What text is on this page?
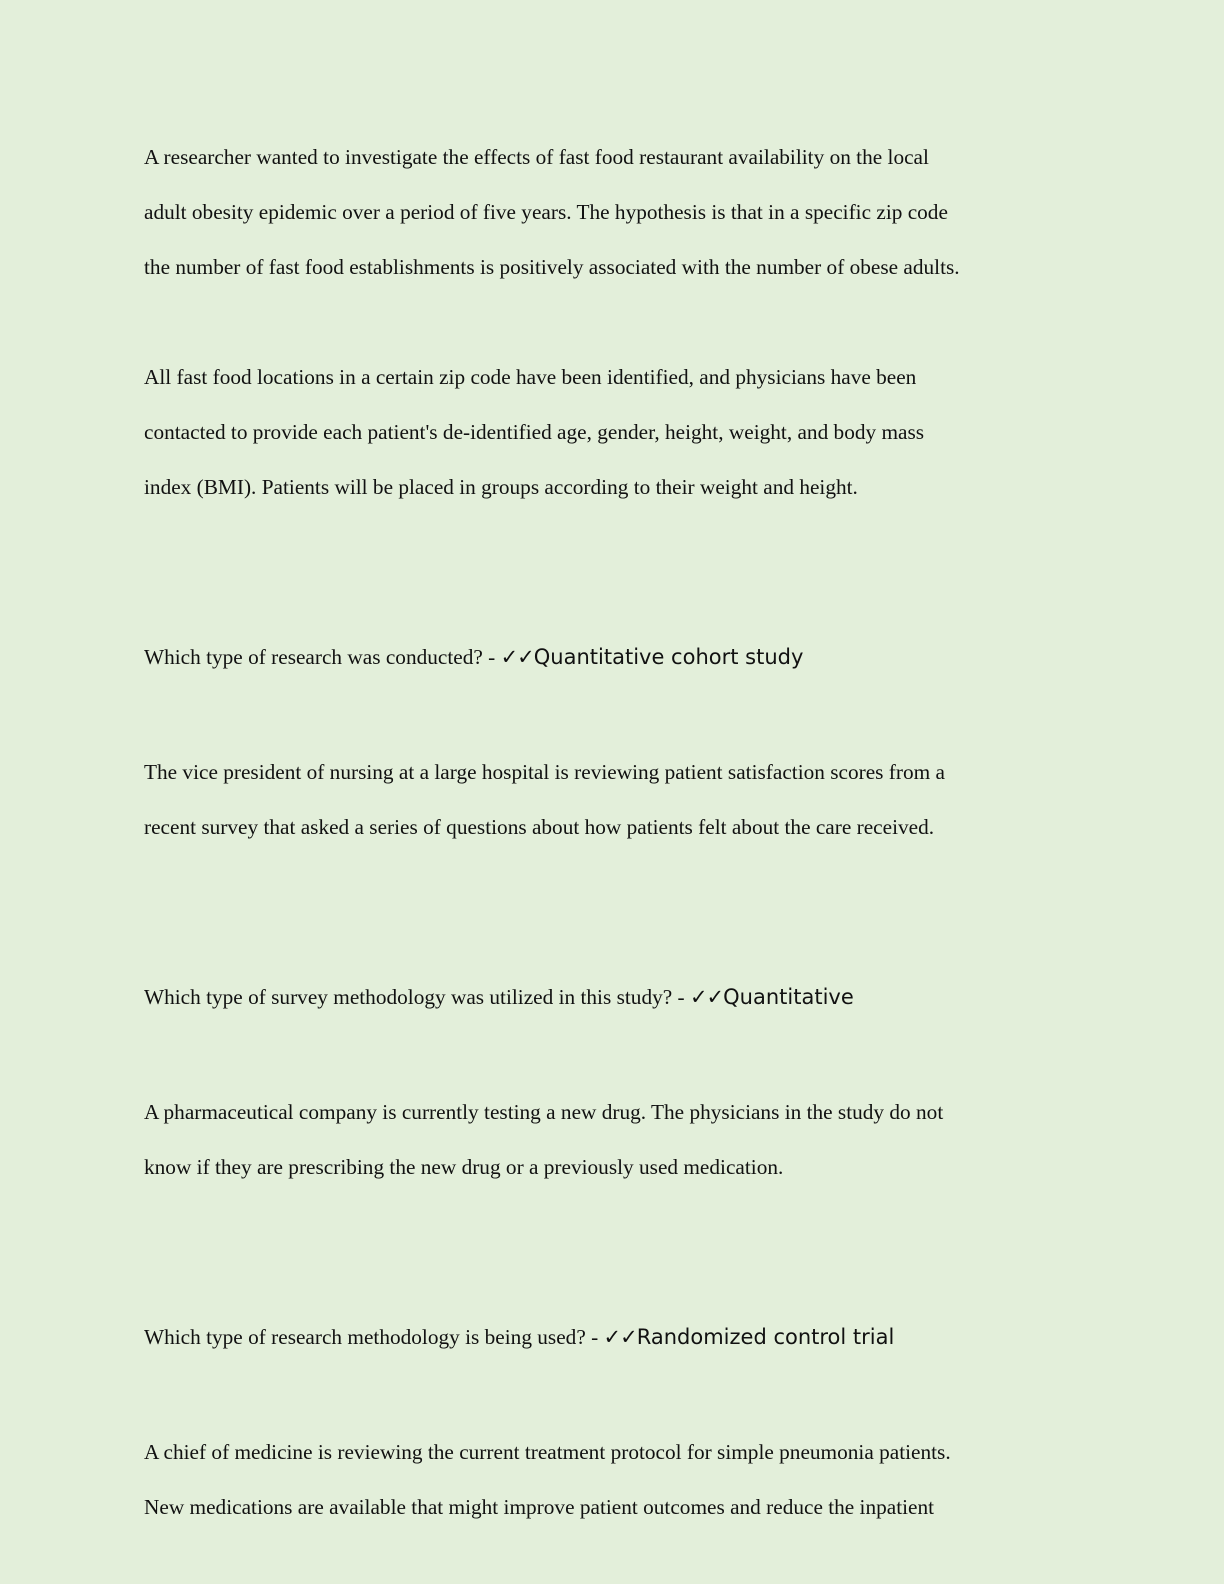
A researcher wanted to investigate the effects of fast food restaurant availability on the local
adult obesity epidemic over a period of five years. The hypothesis is that in a specific zip code
the number of fast food establishments is positively associated with the number of obese adults.

All fast food locations in a certain zip code have been identified, and physicians have been
contacted to provide each patient's de-identified age, gender, height, weight, and body mass
index (BMI). Patients will be placed in groups according to their weight and height.

Which type of research was conducted? - ✓✓Quantitative cohort study

The vice president of nursing at a large hospital is reviewing patient satisfaction scores from a
recent survey that asked a series of questions about how patients felt about the care received.

Which type of survey methodology was utilized in this study? - ✓✓Quantitative

A pharmaceutical company is currently testing a new drug. The physicians in the study do not
know if they are prescribing the new drug or a previously used medication.

Which type of research methodology is being used? - ✓✓Randomized control trial

A chief of medicine is reviewing the current treatment protocol for simple pneumonia patients.
New medications are available that might improve patient outcomes and reduce the inpatient
